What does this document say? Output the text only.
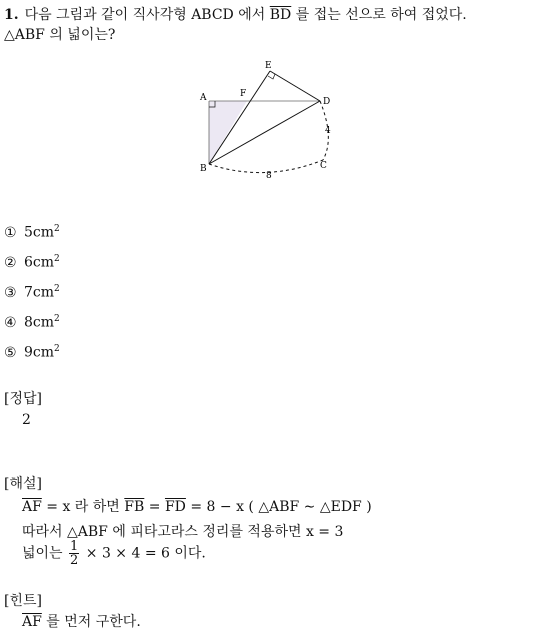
1. 다음 그림과 같이 직사각형 ABCD 에서 $\overline{BD}$ 를 접는 선으로 하여 접었다.
△ABF 의 넓이는?
A	F
E
D
B	C
4
8
① $5cm^2$
② $6cm^2$
③ $7cm^2$
④ $8cm^2$
⑤ $9cm^2$
[정답]
2
[해설]
$\overline{AF} = x$ 라 하면 $\overline{FB} = \overline{FD} = 8 - x$ ( △ABF ∼ △EDF )
따라서 △ABF 에 피타고라스 정리를 적용하면 x = 3
넓이는 $\frac{1}{2} \times 3 \times 4 = 6$ 이다.
[힌트]
$\overline{AF}$ 를 먼저 구한다.
